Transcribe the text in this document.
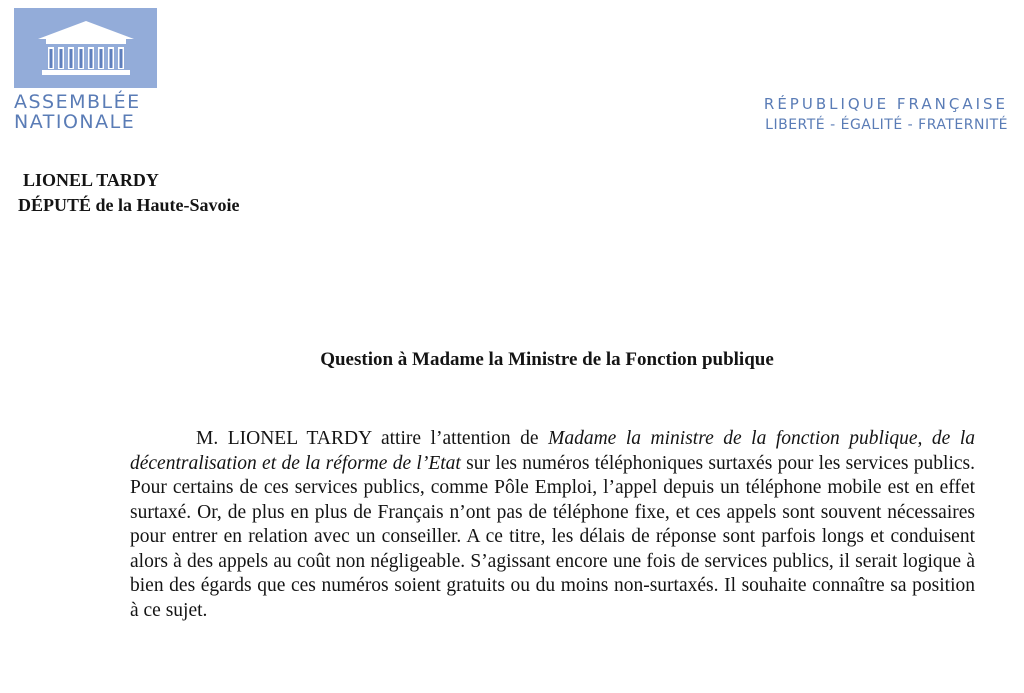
ASSEMBLÉE
NATIONALE
RÉPUBLIQUE FRANÇAISE
LIBERTÉ - ÉGALITÉ - FRATERNITÉ
LIONEL TARDY
DÉPUTÉ de la Haute-Savoie
Question à Madame la Ministre de la Fonction publique

M. LIONEL TARDY attire l’attention de Madame la ministre de la fonction publique, de la décentralisation et de la réforme de l’Etat sur les numéros téléphoniques surtaxés pour les services publics. Pour certains de ces services publics, comme Pôle Emploi, l’appel depuis un téléphone mobile est en effet surtaxé. Or, de plus en plus de Français n’ont pas de téléphone fixe, et ces appels sont souvent nécessaires pour entrer en relation avec un conseiller. A ce titre, les délais de réponse sont parfois longs et conduisent alors à des appels au coût non négligeable. S’agissant encore une fois de services publics, il serait logique à bien des égards que ces numéros soient gratuits ou du moins non-surtaxés. Il souhaite connaître sa position à ce sujet.
